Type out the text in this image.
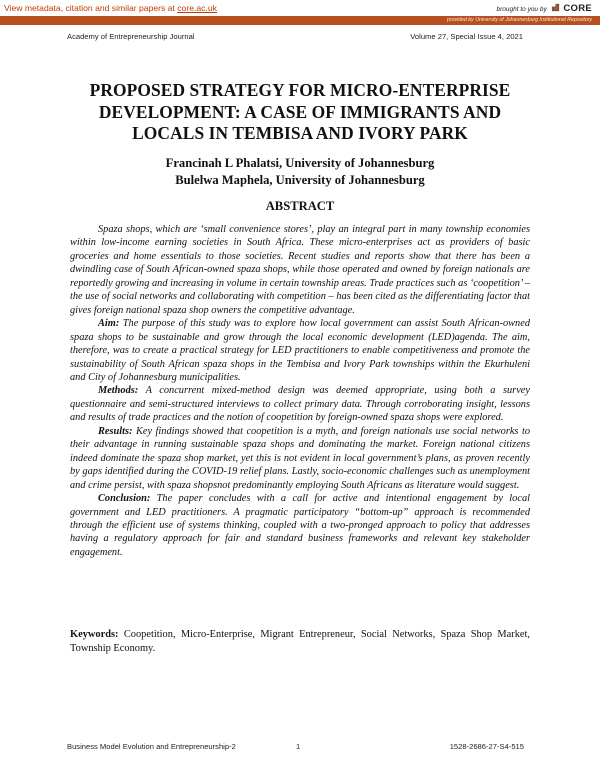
View metadata, citation and similar papers at core.ac.uk	brought to you by CORE
provided by University of Johannesburg Institutional Repository
Academy of Entrepreneurship Journal	Volume 27, Special Issue 4, 2021
PROPOSED STRATEGY FOR MICRO-ENTERPRISE
DEVELOPMENT: A CASE OF IMMIGRANTS AND
LOCALS IN TEMBISA AND IVORY PARK
Francinah L Phalatsi, University of Johannesburg
Bulelwa Maphela, University of Johannesburg
ABSTRACT

Spaza shops, which are ‘small convenience stores’, play an integral part in many township economies within low-income earning societies in South Africa. These micro-enterprises act as providers of basic groceries and home essentials to those societies. Recent studies and reports show that there has been a dwindling case of South African-owned spaza shops, while those operated and owned by foreign nationals are reportedly growing and increasing in volume in certain township areas. Trade practices such as ‘coopetition’ – the use of social networks and collaborating with competition – has been cited as the differentiating factor that gives foreign national spaza shop owners the competitive advantage.

Aim: The purpose of this study was to explore how local government can assist South African-owned spaza shops to be sustainable and grow through the local economic development (LED)agenda. The aim, therefore, was to create a practical strategy for LED practitioners to enable competitiveness and promote the sustainability of South African spaza shops in the Tembisa and Ivory Park townships within the Ekurhuleni and City of Johannesburg municipalities.

Methods: A concurrent mixed-method design was deemed appropriate, using both a survey questionnaire and semi-structured interviews to collect primary data. Through corroborating insight, lessons and results of trade practices and the notion of coopetition by foreign-owned spaza shops were explored.

Results: Key findings showed that coopetition is a myth, and foreign nationals use social networks to their advantage in running sustainable spaza shops and dominating the market. Foreign national citizens indeed dominate the spaza shop market, yet this is not evident in local government’s plans, as proven recently by gaps identified during the COVID-19 relief plans. Lastly, socio-economic challenges such as unemployment and crime persist, with spaza shopsnot predominantly employing South Africans as literature would suggest.

Conclusion: The paper concludes with a call for active and intentional engagement by local government and LED practitioners. A pragmatic participatory “bottom-up” approach is recommended through the efficient use of systems thinking, coupled with a two-pronged approach to policy that addresses having a regulatory approach for fair and standard business frameworks and relevant key stakeholder engagement.

Keywords: Coopetition, Micro-Enterprise, Migrant Entrepreneur, Social Networks, Spaza Shop Market, Township Economy.
Business Model Evolution and Entrepreneurship-2	1	1528-2686-27-S4-515
